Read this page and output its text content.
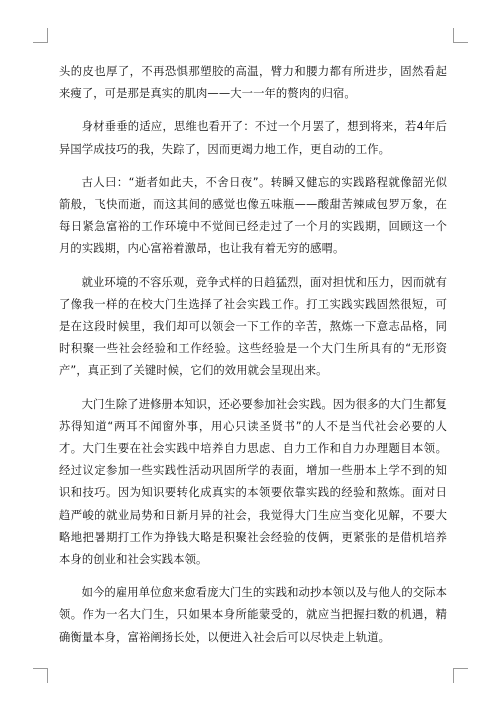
头的皮也厚了，不再恐惧那塑胶的高温，臂力和腰力都有所进步，固然看起来瘦了，可是那是真实的肌肉——大一一年的赘肉的归宿。

身材垂垂的适应，思维也看开了：不过一个月罢了，想到将来，若4年后异国学成技巧的我，失踪了，因而更竭力地工作，更自动的工作。

古人曰：“逝者如此夫，不舍日夜”。转瞬又健忘的实践路程就像韶光似箭般，飞快而逝，而这其间的感觉也像五味瓶——酸甜苦辣咸包罗万象，在每日紧急富裕的工作环境中不觉间已经走过了一个月的实践期，回顾这一个月的实践期，内心富裕着激昂，也让我有着无穷的感喟。

就业环境的不容乐观，竞争式样的日趋猛烈，面对担忧和压力，因而就有了像我一样的在校大门生选择了社会实践工作。打工实践实践固然很短，可是在这段时候里，我们却可以领会一下工作的辛苦，熬炼一下意志品格，同时积聚一些社会经验和工作经验。这些经验是一个大门生所具有的“无形资产”，真正到了关键时候，它们的效用就会呈现出来。

大门生除了进修册本知识，还必要参加社会实践。因为很多的大门生都复苏得知道“两耳不闻窗外事，用心只读圣贤书”的人不是当代社会必要的人才。大门生要在社会实践中培养自力思虑、自力工作和自力办理题目本领。经过议定参加一些实践性活动巩固所学的表面，增加一些册本上学不到的知识和技巧。因为知识要转化成真实的本领要依靠实践的经验和熬炼。面对日趋严峻的就业局势和日新月异的社会，我觉得大门生应当变化见解，不要大略地把暑期打工作为挣钱大略是积聚社会经验的伎俩，更紧张的是借机培养本身的创业和社会实践本领。

如今的雇用单位愈来愈看庞大门生的实践和动抄本领以及与他人的交际本领。作为一名大门生，只如果本身所能蒙受的，就应当把握扫数的机遇，精确衡量本身，富裕阐扬长处，以便进入社会后可以尽快走上轨道。
